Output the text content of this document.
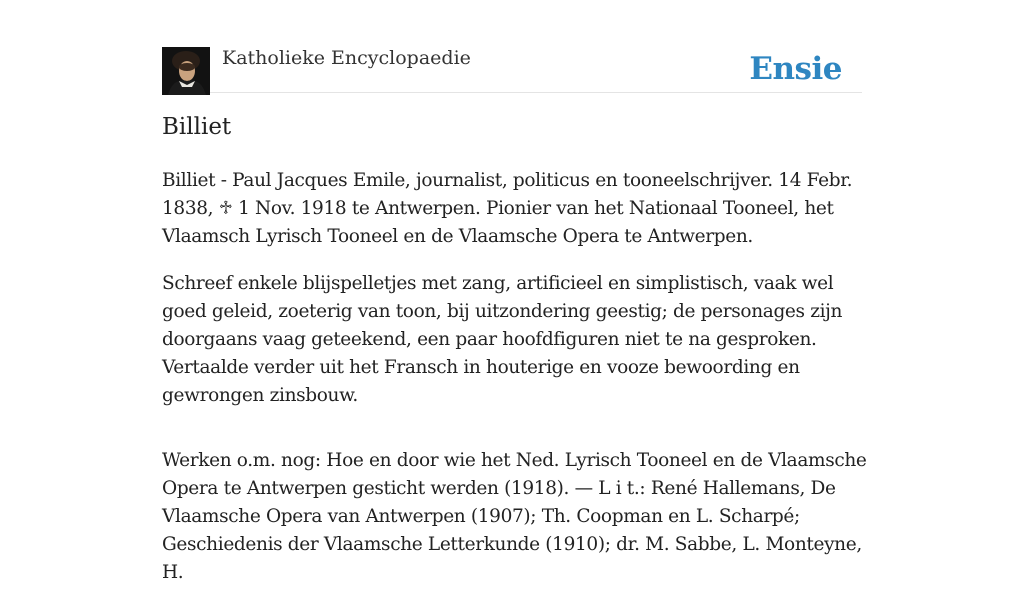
Katholieke Encyclopaedie	Ensie
Billiet

Billiet - Paul Jacques Emile, journalist, politicus en tooneelschrijver. 14 Febr. 1838, ♱ 1 Nov. 1918 te Antwerpen. Pionier van het Nationaal Tooneel, het Vlaamsch Lyrisch Tooneel en de Vlaamsche Opera te Antwerpen.

Schreef enkele blijspelletjes met zang, artificieel en simplistisch, vaak wel goed geleid, zoeterig van toon, bij uitzondering geestig; de personages zijn doorgaans vaag geteekend, een paar hoofdfiguren niet te na gesproken. Vertaalde verder uit het Fransch in houterige en vooze bewoording en gewrongen zinsbouw.

Werken o.m. nog: Hoe en door wie het Ned. Lyrisch Tooneel en de Vlaamsche Opera te Antwerpen gesticht werden (1918). — L i t.: René Hallemans, De Vlaamsche Opera van Antwerpen (1907); Th. Coopman en L. Scharpé; Geschiedenis der Vlaamsche Letterkunde (1910); dr. M. Sabbe, L. Monteyne, H.
